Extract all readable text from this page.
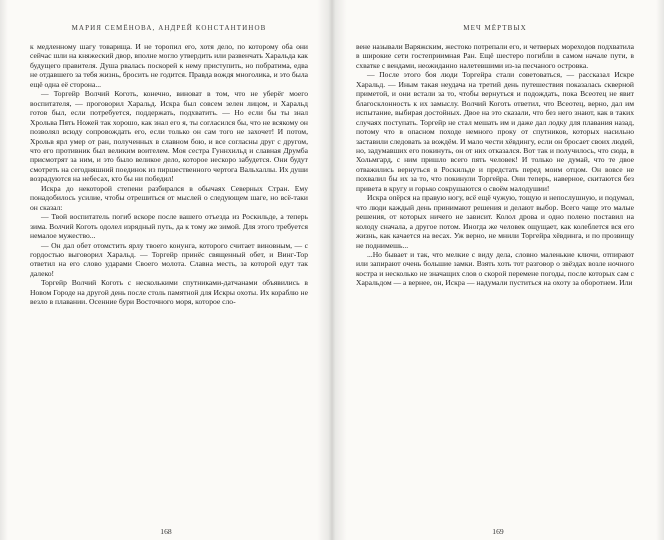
МАРИЯ СЕМЁНОВА, АНДРЕЙ КОНСТАНТИНОВ

к медленному шагу товарища. И не торопил его, хотя дело, по которому оба они сейчас шли на княжеский двор, вполне могло утвердить или развенчать Харальда как будущего правителя. Душа рвалась поскорей к нему приступить, но побратима, едва не отдавшего за тебя жизнь, бросить не годится. Правда вождя многолика, и это была ещё одна её сторона...

— Торгейр Волчий Коготь, конечно, виноват в том, что не уберёг моего воспитателя, — проговорил Харальд. Искра был совсем зелен лицом, и Харальд готов был, если потребуется, поддержать, подхватить. — Но если бы ты знал Хрольва Пять Ножей так хорошо, как знал его я, ты согласился бы, что не всякому он позволял всюду сопровождать его, если только он сам того не захочет! И потом, Хрольв ярл умер от ран, полученных в славном бою, и все согласны друг с другом, что его противник был великим воителем. Моя сестра Гуннхильд и славная Друмба присмотрят за ним, и это было великое дело, которое нескоро забудется. Они будут смотреть на сегодняшний поединок из пиршественного чертога Вальхаллы. Их души возрадуются на небесах, кто бы ни победил!

Искра до некоторой степени разбирался в обычаях Северных Стран. Ему понадобилось усилие, чтобы отрешиться от мыслей о следующем шаге, но всё-таки он сказал:

— Твой воспитатель погиб вскоре после вашего отъезда из Роскильде, а теперь зима. Волчий Коготь одолел изрядный путь, да к тому же зимой. Для этого требуется немалое мужество...

— Он дал обет отомстить ярлу твоего конунга, которого считает виновным, — с гордостью выговорил Харальд. — Торгейр принёс священный обет, и Винг-Тор ответил на его слово ударами Своего молота. Славна месть, за которой едут так далеко!

Торгейр Волчий Коготь с несколькими спутниками-датчанами объявились в Новом Городе на другой день после столь памятной для Искры охоты. Их кораблю не везло в плавании. Осенние бури Восточного моря, которое сло-

168
МЕЧ МЁРТВЫХ

вене называли Варяжским, жестоко потрепали его, и четверых мореходов подхватила в широкие сети гостеприимная Ран. Ещё шестеро погибли в самом начале пути, в схватке с вендами, неожиданно налетевшими из-за песчаного островка.

— После этого боя люди Торгейра стали советоваться, — рассказал Искре Харальд. — Иным такая неудача на третий день путешествия показалась скверной приметой, и они встали за то, чтобы вернуться и подождать, пока Всеотец не явит благосклонность к их замыслу. Волчий Коготь ответил, что Всеотец, верно, дал им испытание, выбирая достойных. Двое на это сказали, что без него знают, как в таких случаях поступать. Торгейр не стал мешать им и даже дал лодку для плавания назад, потому что в опасном походе немного проку от спутников, которых насильно заставили следовать за вождём. И мало чести хёвдингу, если он бросает своих людей, но, задумавших его покинуть, он от них отказался. Вот так и получилось, что сюда, в Хольмгард, с ним пришло всего пять человек! И только не думай, что те двое отважились вернуться в Роскильде и предстать перед моим отцом. Он вовсе не похвалил бы их за то, что покинули Торгейра. Они теперь, наверное, скитаются без привета в кругу и горько сокрушаются о своём малодушии!

Искра опёрся на правую ногу, всё ещё чужую, тощую и непослушную, и подумал, что люди каждый день принимают решения и делают выбор. Всего чаще это малые решения, от которых ничего не зависит. Колол дрова и одно полено поставил на колоду сначала, а другое потом. Иногда же человек ощущает, как колеблется вся его жизнь, как качается на весах. Уж верно, не мнили Торгейра хёвдинга, и по прозвищу не поднимешь...

...Но бывает и так, что мелкие с виду дела, словно маленькие ключи, отпирают или запирают очень большие замки. Взять хоть тот разговор о звёздах возле ночного костра и несколько не значащих слов о скорой перемене погоды, после которых сам с Харальдом — а вернее, он, Искра — надумали пуститься на охоту за оборотнем. Или

169
